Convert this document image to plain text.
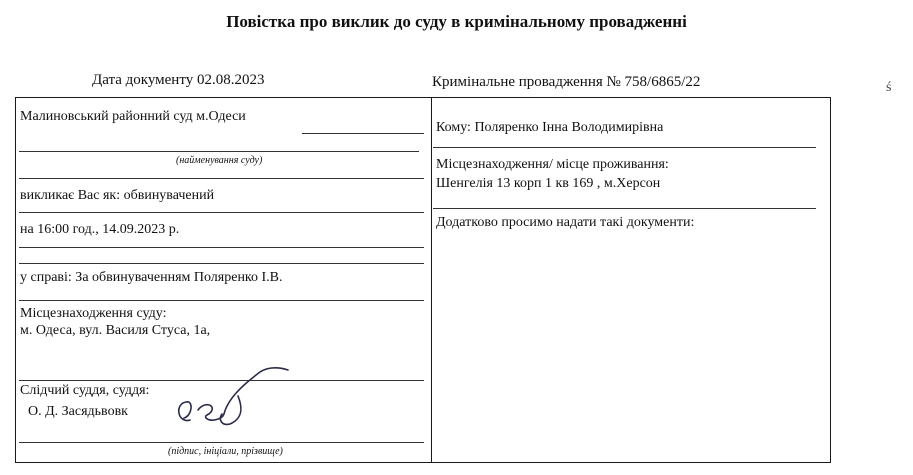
Повістка про виклик до суду в кримінальному провадженні
Дата документу 02.08.2023	Кримінальне провадження № 758/6865/22
Малиновський районний суд м.Одеси
(найменування суду)
викликає Вас як: обвинувачений
на 16:00 год., 14.09.2023 р.
у справі: За обвинуваченням Поляренко І.В.
Місцезнаходження суду:
м. Одеса, вул. Василя Стуса, 1а,
Слідчий суддя, суддя:
О. Д. Засядьвовк
(підпис, ініціали, прізвище)
Кому: Поляренко Інна Володимирівна
Місцезнаходження/ місце проживання:
Шенгелія 13 корп 1 кв 169 , м.Херсон
Додатково просимо надати такі документи:
ś
